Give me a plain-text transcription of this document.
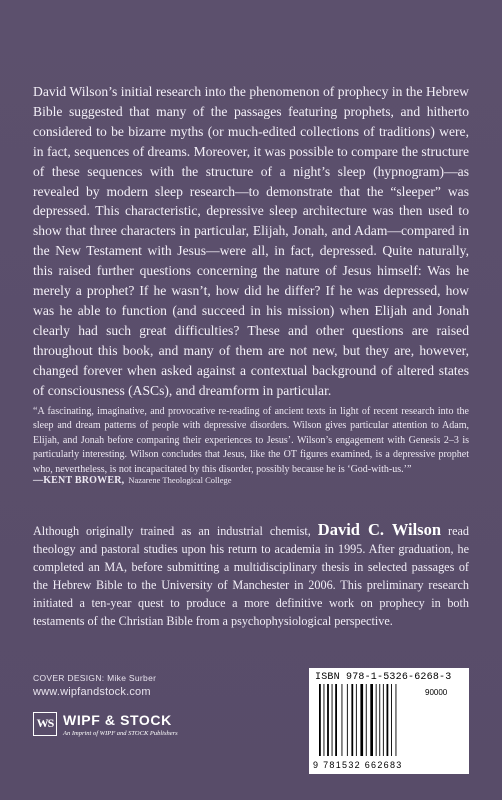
David Wilson’s initial research into the phenomenon of prophecy in the Hebrew Bible suggested that many of the passages featuring prophets, and hitherto considered to be bizarre myths (or much-edited collections of traditions) were, in fact, sequences of dreams. Moreover, it was possible to compare the structure of these sequences with the structure of a night’s sleep (hypnogram)—as revealed by modern sleep research—to demonstrate that the “sleeper” was depressed. This characteristic, depressive sleep architecture was then used to show that three characters in particular, Elijah, Jonah, and Adam—compared in the New Testament with Jesus—were all, in fact, depressed. Quite naturally, this raised further questions concerning the nature of Jesus himself: Was he merely a prophet? If he wasn’t, how did he differ? If he was depressed, how was he able to function (and succeed in his mission) when Elijah and Jonah clearly had such great difficulties? These and other questions are raised throughout this book, and many of them are not new, but they are, however, changed forever when asked against a contextual background of altered states of consciousness (ASCs), and dreamform in particular.

“A fascinating, imaginative, and provocative re-reading of ancient texts in light of recent research into the sleep and dream patterns of people with depressive disorders. Wilson gives particular attention to Adam, Elijah, and Jonah before comparing their experiences to Jesus’. Wilson’s engagement with Genesis 2–3 is particularly interesting. Wilson concludes that Jesus, like the OT figures examined, is a depressive prophet who, nevertheless, is not incapacitated by this disorder, possibly because he is ‘God-with-us.’”

—KENT BROWER, Nazarene Theological College

Although originally trained as an industrial chemist, David C. Wilson read theology and pastoral studies upon his return to academia in 1995. After graduation, he completed an MA, before submitting a multidisciplinary thesis in selected passages of the Hebrew Bible to the University of Manchester in 2006. This preliminary research initiated a ten-year quest to produce a more definitive work on prophecy in both testaments of the Christian Bible from a psychophysiological perspective.

COVER DESIGN: Mike Surber
www.wipfandstock.com
WS WIPF & STOCK
An Imprint of WIPF and STOCK Publishers
ISBN 978-1-5326-6268-3
90000
9 781532 662683
